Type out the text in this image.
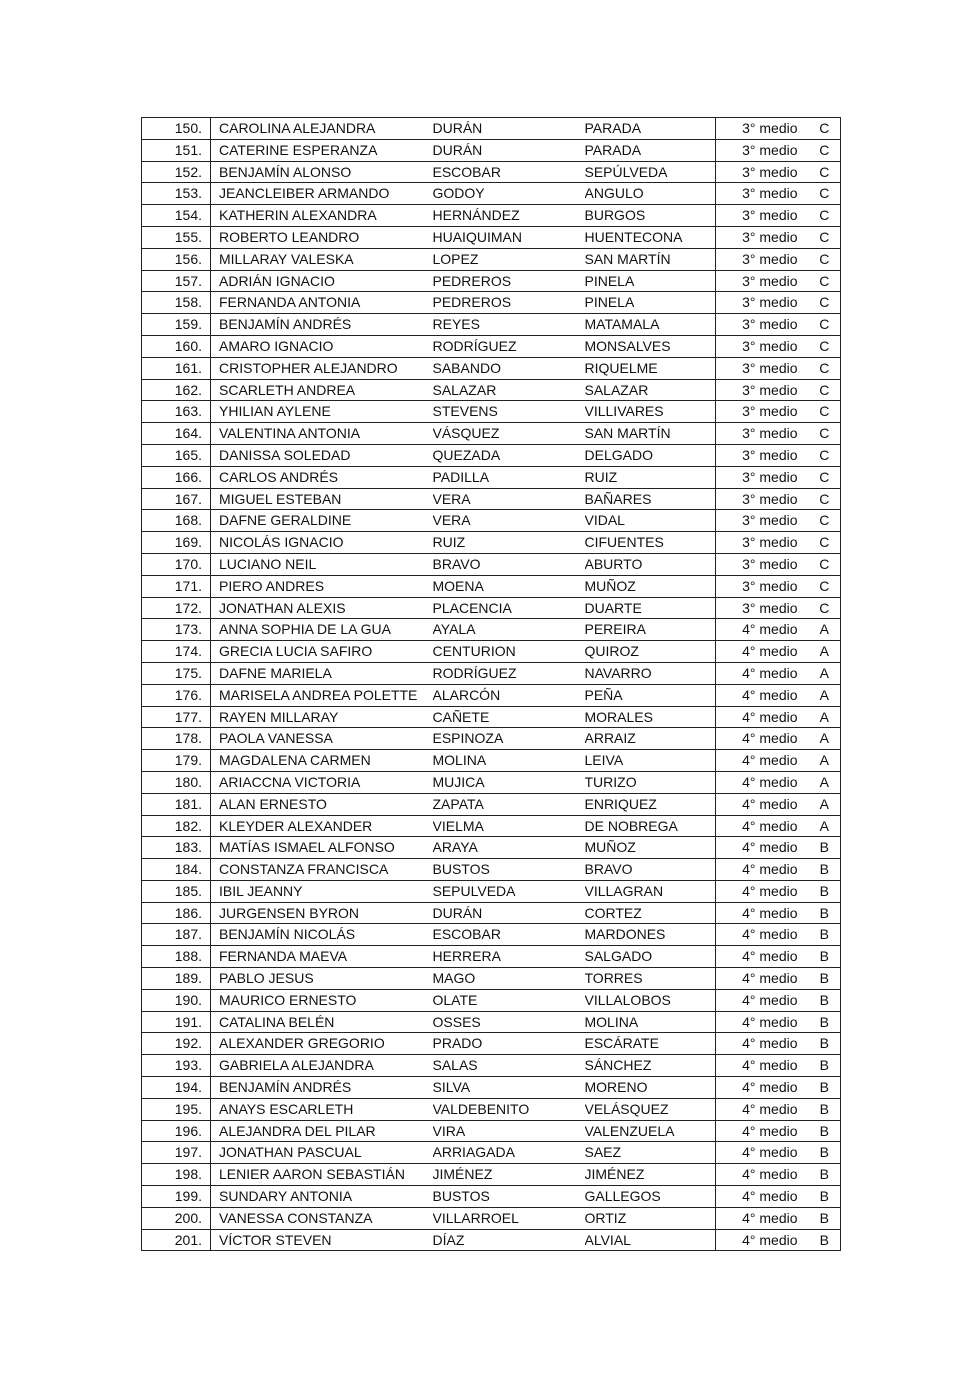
150.	CAROLINA ALEJANDRA	DURÁN	PARADA	3° medio	C
151.	CATERINE ESPERANZA	DURÁN	PARADA	3° medio	C
152.	BENJAMÍN ALONSO	ESCOBAR	SEPÚLVEDA	3° medio	C
153.	JEANCLEIBER ARMANDO	GODOY	ANGULO	3° medio	C
154.	KATHERIN ALEXANDRA	HERNÁNDEZ	BURGOS	3° medio	C
155.	ROBERTO LEANDRO	HUAIQUIMAN	HUENTECONA	3° medio	C
156.	MILLARAY VALESKA	LOPEZ	SAN MARTÍN	3° medio	C
157.	ADRIÁN IGNACIO	PEDREROS	PINELA	3° medio	C
158.	FERNANDA ANTONIA	PEDREROS	PINELA	3° medio	C
159.	BENJAMÍN ANDRÉS	REYES	MATAMALA	3° medio	C
160.	AMARO IGNACIO	RODRÍGUEZ	MONSALVES	3° medio	C
161.	CRISTOPHER ALEJANDRO	SABANDO	RIQUELME	3° medio	C
162.	SCARLETH ANDREA	SALAZAR	SALAZAR	3° medio	C
163.	YHILIAN AYLENE	STEVENS	VILLIVARES	3° medio	C
164.	VALENTINA ANTONIA	VÁSQUEZ	SAN MARTÍN	3° medio	C
165.	DANISSA SOLEDAD	QUEZADA	DELGADO	3° medio	C
166.	CARLOS ANDRÉS	PADILLA	RUIZ	3° medio	C
167.	MIGUEL ESTEBAN	VERA	BAÑARES	3° medio	C
168.	DAFNE GERALDINE	VERA	VIDAL	3° medio	C
169.	NICOLÁS IGNACIO	RUIZ	CIFUENTES	3° medio	C
170.	LUCIANO NEIL	BRAVO	ABURTO	3° medio	C
171.	PIERO ANDRES	MOENA	MUÑOZ	3° medio	C
172.	JONATHAN ALEXIS	PLACENCIA	DUARTE	3° medio	C
173.	ANNA SOPHIA DE LA GUA	AYALA	PEREIRA	4° medio	A
174.	GRECIA LUCIA SAFIRO	CENTURION	QUIROZ	4° medio	A
175.	DAFNE MARIELA	RODRÍGUEZ	NAVARRO	4° medio	A
176.	MARISELA ANDREA POLETTE	ALARCÓN	PEÑA	4° medio	A
177.	RAYEN MILLARAY	CAÑETE	MORALES	4° medio	A
178.	PAOLA VANESSA	ESPINOZA	ARRAIZ	4° medio	A
179.	MAGDALENA CARMEN	MOLINA	LEIVA	4° medio	A
180.	ARIACCNA VICTORIA	MUJICA	TURIZO	4° medio	A
181.	ALAN ERNESTO	ZAPATA	ENRIQUEZ	4° medio	A
182.	KLEYDER ALEXANDER	VIELMA	DE NOBREGA	4° medio	A
183.	MATÍAS ISMAEL ALFONSO	ARAYA	MUÑOZ	4° medio	B
184.	CONSTANZA FRANCISCA	BUSTOS	BRAVO	4° medio	B
185.	IBIL JEANNY	SEPULVEDA	VILLAGRAN	4° medio	B
186.	JURGENSEN BYRON	DURÁN	CORTEZ	4° medio	B
187.	BENJAMÍN NICOLÁS	ESCOBAR	MARDONES	4° medio	B
188.	FERNANDA MAEVA	HERRERA	SALGADO	4° medio	B
189.	PABLO JESUS	MAGO	TORRES	4° medio	B
190.	MAURICO ERNESTO	OLATE	VILLALOBOS	4° medio	B
191.	CATALINA BELÉN	OSSES	MOLINA	4° medio	B
192.	ALEXANDER GREGORIO	PRADO	ESCÁRATE	4° medio	B
193.	GABRIELA ALEJANDRA	SALAS	SÁNCHEZ	4° medio	B
194.	BENJAMÍN ANDRÉS	SILVA	MORENO	4° medio	B
195.	ANAYS ESCARLETH	VALDEBENITO	VELÁSQUEZ	4° medio	B
196.	ALEJANDRA DEL PILAR	VIRA	VALENZUELA	4° medio	B
197.	JONATHAN PASCUAL	ARRIAGADA	SAEZ	4° medio	B
198.	LENIER AARON SEBASTIÁN	JIMÉNEZ	JIMÉNEZ	4° medio	B
199.	SUNDARY ANTONIA	BUSTOS	GALLEGOS	4° medio	B
200.	VANESSA CONSTANZA	VILLARROEL	ORTIZ	4° medio	B
201.	VÍCTOR STEVEN	DÍAZ	ALVIAL	4° medio	B
